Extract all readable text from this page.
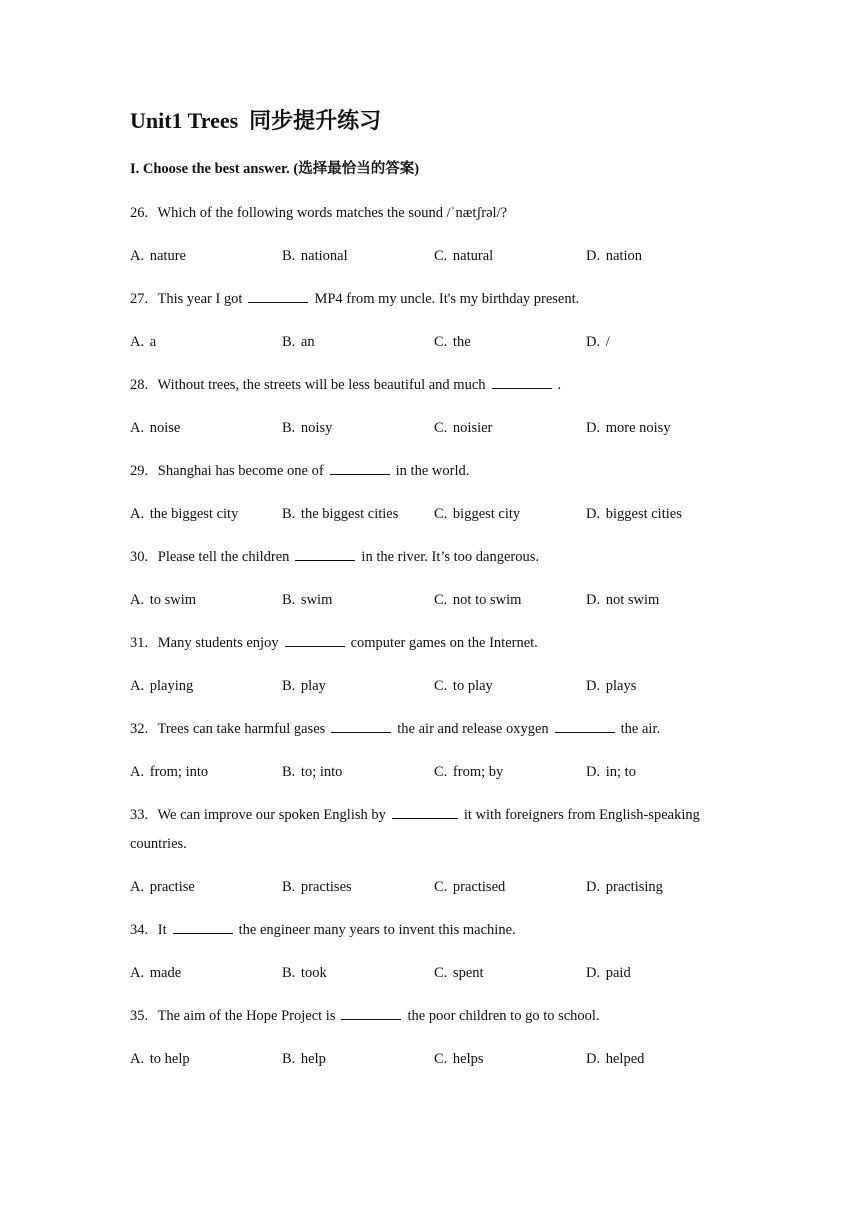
Unit1 Trees  同步提升练习
I. Choose the best answer. (选择最恰当的答案)

26. Which of the following words matches the sound /ˈnætʃrəl/?

A. nature	B. national	C. natural	D. nation

27. This year I got	MP4 from my uncle. It's my birthday present.

A. a	B. an	C. the	D. /

28. Without trees, the streets will be less beautiful and much	.

A. noise	B. noisy	C. noisier	D. more noisy

29. Shanghai has become one of	in the world.

A. the biggest city	B. the biggest cities	C. biggest city	D. biggest cities

30. Please tell the children	in the river. It’s too dangerous.

A. to swim	B. swim	C. not to swim	D. not swim

31. Many students enjoy	computer games on the Internet.

A. playing	B. play	C. to play	D. plays

32. Trees can take harmful gases	the air and release oxygen	the air.

A. from; into	B. to; into	C. from; by	D. in; to

33. We can improve our spoken English by	it with foreigners from English-speaking countries.

A. practise	B. practises	C. practised	D. practising

34. It	the engineer many years to invent this machine.

A. made	B. took	C. spent	D. paid

35. The aim of the Hope Project is	the poor children to go to school.

A. to help	B. help	C. helps	D. helped
